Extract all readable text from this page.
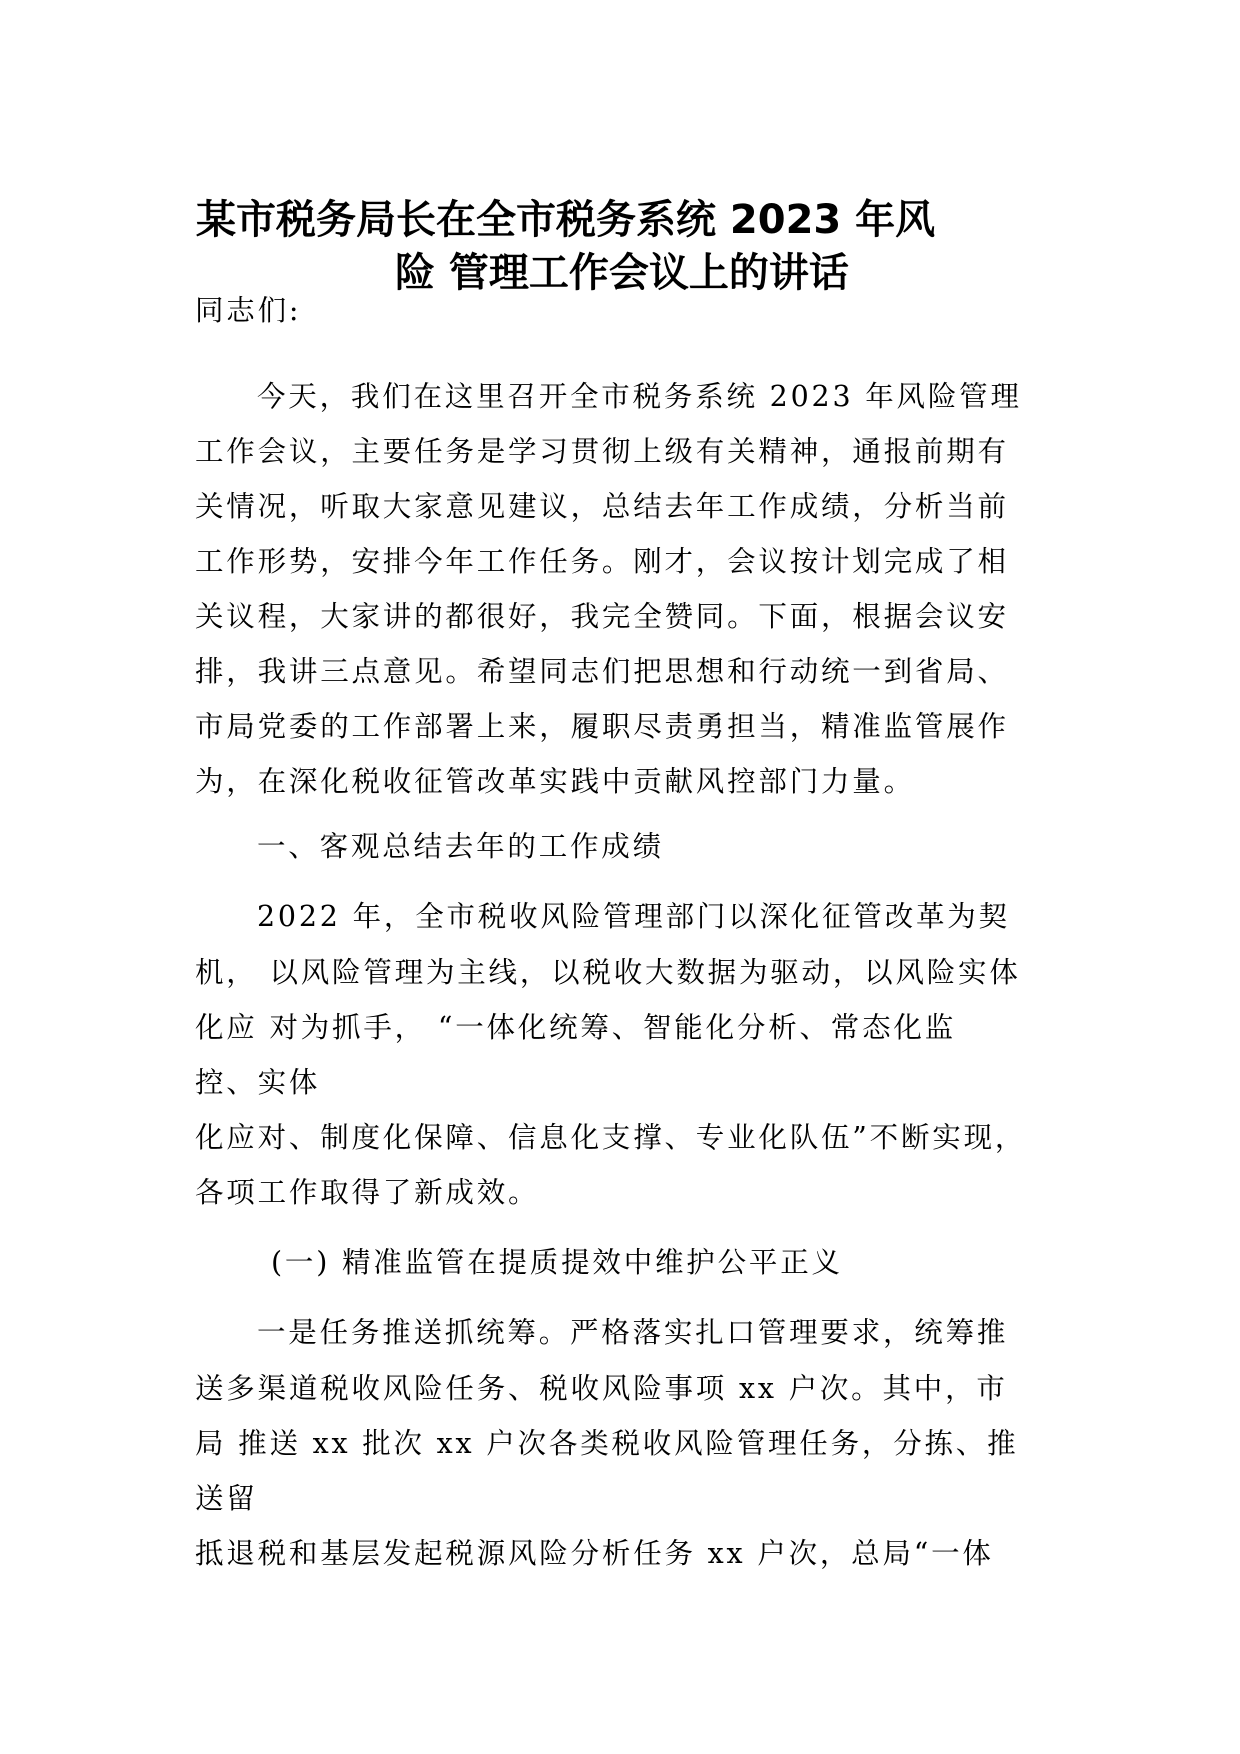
某市税务局长在全市税务系统 2023 年风
险 管理工作会议上的讲话

同志们:

今天，我们在这里召开全市税务系统 2023 年风险管理

工作会议，主要任务是学习贯彻上级有关精神，通报前期有

关情况，听取大家意见建议，总结去年工作成绩，分析当前

工作形势，安排今年工作任务。刚才，会议按计划完成了相

关议程，大家讲的都很好，我完全赞同。下面，根据会议安

排，我讲三点意见。希望同志们把思想和行动统一到省局、

市局党委的工作部署上来，履职尽责勇担当，精准监管展作

为，在深化税收征管改革实践中贡献风控部门力量。

一、客观总结去年的工作成绩

2022 年，全市税收风险管理部门以深化征管改革为契

机， 以风险管理为主线，以税收大数据为驱动，以风险实体

化应 对为抓手， “一体化统筹、智能化分析、常态化监

控、实体

化应对、制度化保障、信息化支撑、专业化队伍”不断实现，

各项工作取得了新成效。

(一) 精准监管在提质提效中维护公平正义

一是任务推送抓统筹。严格落实扎口管理要求，统筹推

送多渠道税收风险任务、税收风险事项 xx 户次。其中，市

局 推送 xx 批次 xx 户次各类税收风险管理任务，分拣、推

送留

抵退税和基层发起税源风险分析任务 xx 户次，总局“一体
